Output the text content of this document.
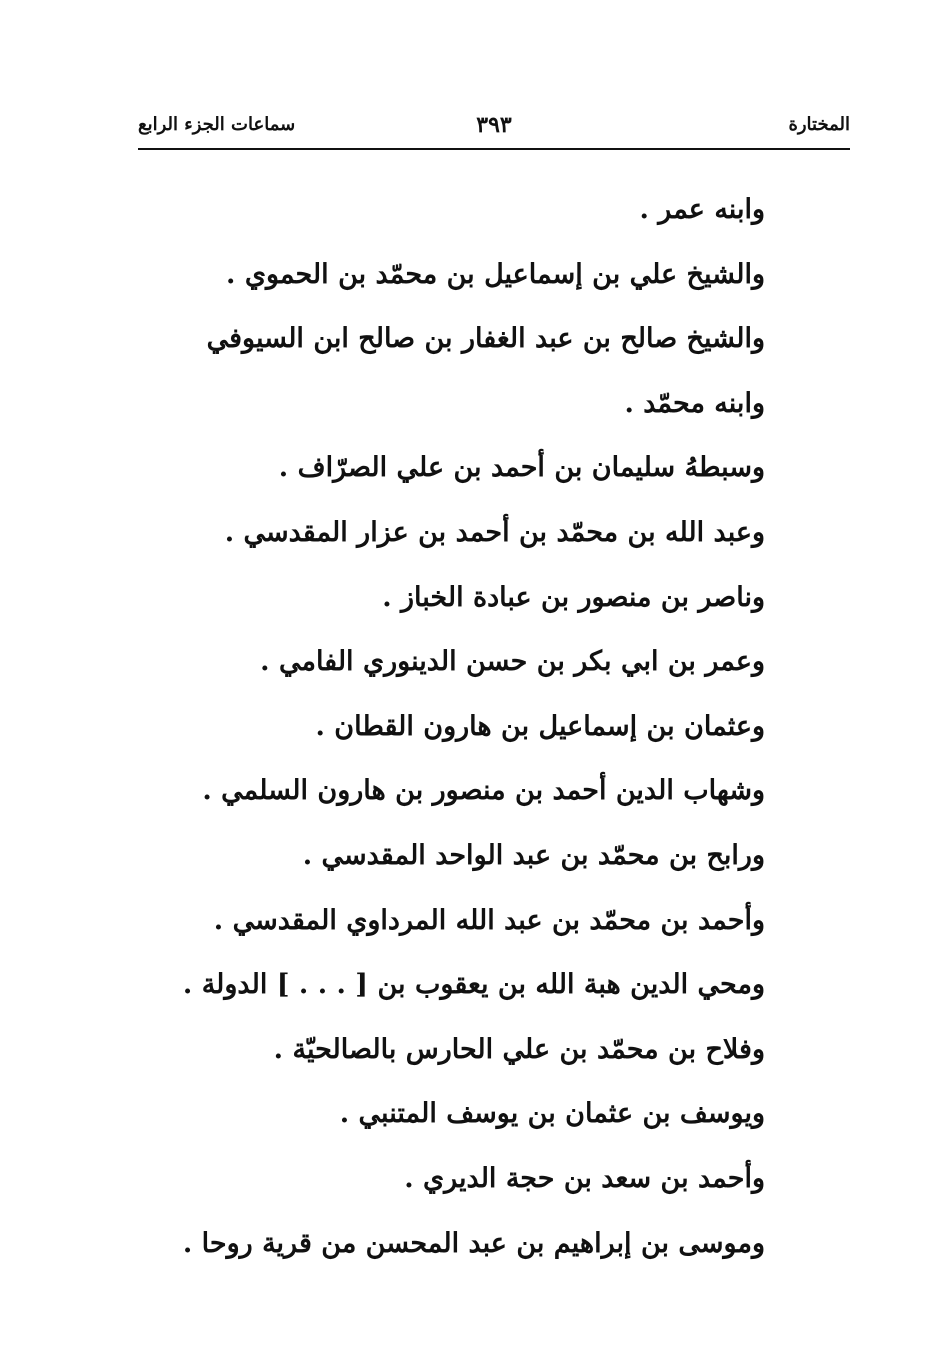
المختارة
٣٩٣
سماعات الجزء الرابع
وابنه عمر .
والشيخ علي بن إسماعيل بن محمّد بن الحموي .
والشيخ صالح بن عبد الغفار بن صالح ابن السيوفي
وابنه محمّد .
وسبطهُ سليمان بن أحمد بن علي الصرّاف .
وعبد الله بن محمّد بن أحمد بن عزار المقدسي .
وناصر بن منصور بن عبادة الخباز .
وعمر بن ابي بكر بن حسن الدينوري الفامي .
وعثمان بن إسماعيل بن هارون القطان .
وشهاب الدين أحمد بن منصور بن هارون السلمي .
ورابح بن محمّد بن عبد الواحد المقدسي .
وأحمد بن محمّد بن عبد الله المرداوي المقدسي .
ومحي الدين هبة الله بن يعقوب بن [ . . . ] الدولة .
وفلاح بن محمّد بن علي الحارس بالصالحيّة .
ويوسف بن عثمان بن يوسف المتنبي .
وأحمد بن سعد بن حجة الديري .
وموسى بن إبراهيم بن عبد المحسن من قرية روحا .
